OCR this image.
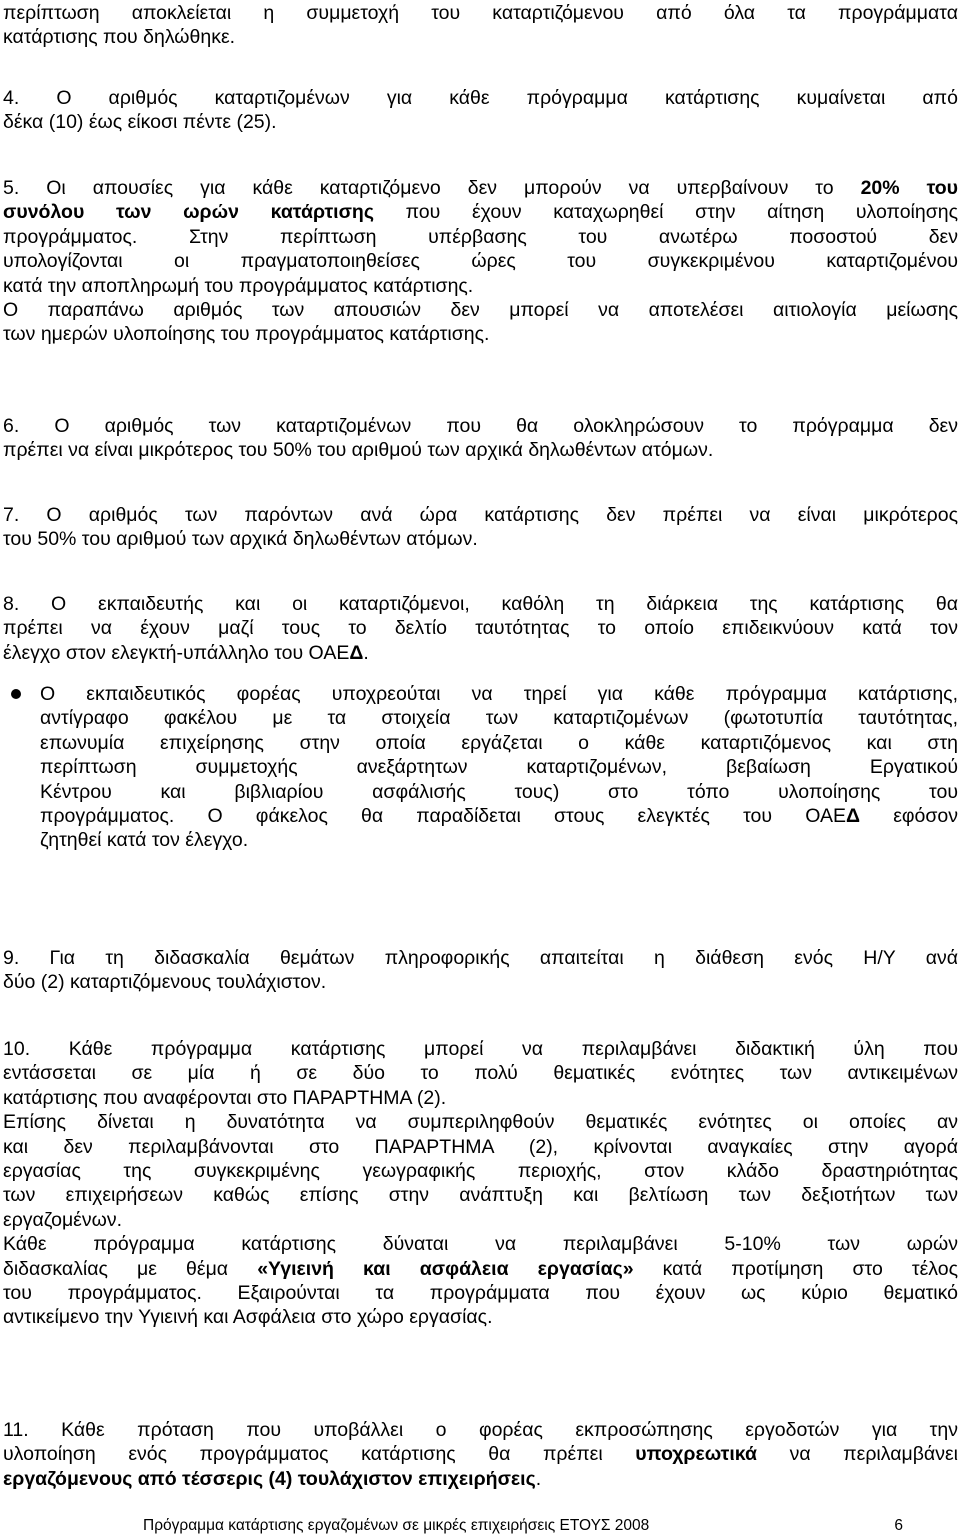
περίπτωση αποκλείεται η συμμετοχή του καταρτιζόμενου από όλα τα προγράμματα
κατάρτισης που δηλώθηκε.
4. Ο αριθμός καταρτιζομένων για κάθε πρόγραμμα κατάρτισης κυμαίνεται από
δέκα (10) έως είκοσι πέντε (25).
5. Οι απουσίες για κάθε καταρτιζόμενο δεν μπορούν να υπερβαίνουν το 20% του
συνόλου των ωρών κατάρτισης που έχουν καταχωρηθεί στην αίτηση υλοποίησης
προγράμματος. Στην περίπτωση υπέρβασης του ανωτέρω ποσοστού δεν
υπολογίζονται οι πραγματοποιηθείσες ώρες του συγκεκριμένου καταρτιζομένου
κατά την αποπληρωμή του προγράμματος κατάρτισης.
Ο παραπάνω αριθμός των απουσιών δεν μπορεί να αποτελέσει αιτιολογία μείωσης
των ημερών υλοποίησης του προγράμματος κατάρτισης.
6. Ο αριθμός των καταρτιζομένων που θα ολοκληρώσουν το πρόγραμμα δεν
πρέπει να είναι μικρότερος του 50% του αριθμού των αρχικά δηλωθέντων ατόμων.
7. Ο αριθμός των παρόντων ανά ώρα κατάρτισης δεν πρέπει να είναι μικρότερος
του 50% του αριθμού των αρχικά δηλωθέντων ατόμων.
8. Ο εκπαιδευτής και οι καταρτιζόμενοι, καθόλη τη διάρκεια της κατάρτισης θα
πρέπει να έχουν μαζί τους το δελτίο ταυτότητας το οποίο επιδεικνύουν κατά τον
έλεγχο στον ελεγκτή-υπάλληλο του ΟΑΕΔ.
Ο εκπαιδευτικός φορέας υποχρεούται να τηρεί για κάθε πρόγραμμα κατάρτισης,
αντίγραφο φακέλου με τα στοιχεία των καταρτιζομένων (φωτοτυπία ταυτότητας,
επωνυμία επιχείρησης στην οποία εργάζεται ο κάθε καταρτιζόμενος και στη
περίπτωση συμμετοχής ανεξάρτητων καταρτιζομένων, βεβαίωση Εργατικού
Κέντρου και βιβλιαρίου ασφάλισής τους) στο τόπο υλοποίησης του
προγράμματος. Ο φάκελος θα παραδίδεται στους ελεγκτές του ΟΑΕΔ εφόσον
ζητηθεί κατά τον έλεγχο.
9. Για τη διδασκαλία θεμάτων πληροφορικής απαιτείται η διάθεση ενός Η/Υ ανά
δύο (2) καταρτιζόμενους τουλάχιστον.
10. Κάθε πρόγραμμα κατάρτισης μπορεί να περιλαμβάνει διδακτική ύλη που
εντάσσεται σε μία ή σε δύο το πολύ θεματικές ενότητες των αντικειμένων
κατάρτισης που αναφέρονται στο ΠΑΡΑΡΤΗΜΑ (2).
Επίσης δίνεται η δυνατότητα να συμπεριληφθούν θεματικές ενότητες οι οποίες αν
και δεν περιλαμβάνονται στο ΠΑΡΑΡΤΗΜΑ (2), κρίνονται αναγκαίες στην αγορά
εργασίας της συγκεκριμένης γεωγραφικής περιοχής, στον κλάδο δραστηριότητας
των επιχειρήσεων καθώς επίσης στην ανάπτυξη και βελτίωση των δεξιοτήτων των
εργαζομένων.
Κάθε πρόγραμμα κατάρτισης δύναται να περιλαμβάνει 5-10% των ωρών
διδασκαλίας με θέμα «Υγιεινή και ασφάλεια εργασίας» κατά προτίμηση στο τέλος
του προγράμματος. Εξαιρούνται τα προγράμματα που έχουν ως κύριο θεματικό
αντικείμενο την Υγιεινή και Ασφάλεια στο χώρο εργασίας.
11. Κάθε πρόταση που υποβάλλει ο φορέας εκπροσώπησης εργοδοτών για την
υλοποίηση ενός προγράμματος κατάρτισης θα πρέπει υποχρεωτικά να περιλαμβάνει
εργαζόμενους από τέσσερις (4) τουλάχιστον επιχειρήσεις.
Πρόγραμμα κατάρτισης εργαζομένων σε μικρές επιχειρήσεις ΕΤΟΥΣ 2008	6
